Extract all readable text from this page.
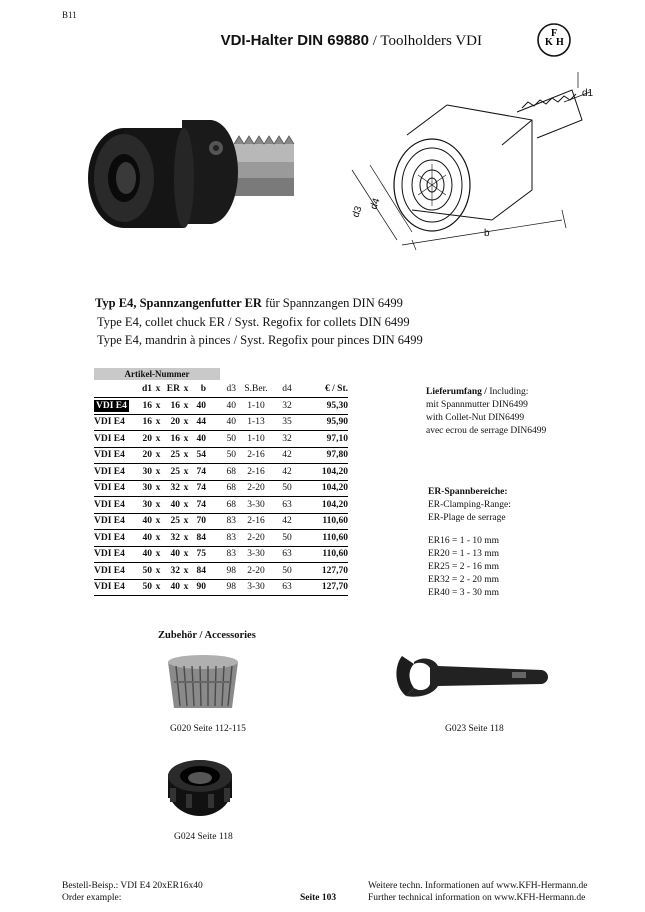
B11
VDI-Halter DIN 69880 / Toolholders VDI	K
F
H
d1
d3
d4
b
Typ E4, Spannzangenfutter ER für Spannzangen DIN 6499
Type E4, collet chuck ER / Syst. Regofix for collets DIN 6499
Type E4, mandrin à pinces / Syst. Regofix pour pinces DIN 6499
Artikel-Nummer
	d1	x	ER	x	b	d3	S.Ber.	d4	€ / St.
VDI E4	16	x	16	x	40	40	1-10	32	95,30
VDI E4	16	x	20	x	44	40	1-13	35	95,90
VDI E4	20	x	16	x	40	50	1-10	32	97,10
VDI E4	20	x	25	x	54	50	2-16	42	97,80
VDI E4	30	x	25	x	74	68	2-16	42	104,20
VDI E4	30	x	32	x	74	68	2-20	50	104,20
VDI E4	30	x	40	x	74	68	3-30	63	104,20
VDI E4	40	x	25	x	70	83	2-16	42	110,60
VDI E4	40	x	32	x	84	83	2-20	50	110,60
VDI E4	40	x	40	x	75	83	3-30	63	110,60
VDI E4	50	x	32	x	84	98	2-20	50	127,70
VDI E4	50	x	40	x	90	98	3-30	63	127,70
Lieferumfang / Including:
mit Spannmutter DIN6499
with Collet-Nut DIN6499
avec ecrou de serrage DIN6499
ER-Spannbereiche:
ER-Clamping-Range:
ER-Plage de serrage
ER16 = 1 - 10 mm
ER20 = 1 - 13 mm
ER25 = 2 - 16 mm
ER32 = 2 - 20 mm
ER40 = 3 - 30 mm
Zubehör / Accessories
G020 Seite 112-115	G023 Seite 118
G024 Seite 118
Bestell-Beisp.: VDI E4 20xER16x40
Order example:	Seite 103
Weitere techn. Informationen auf www.KFH-Hermann.de
Further technical information on www.KFH-Hermann.de
